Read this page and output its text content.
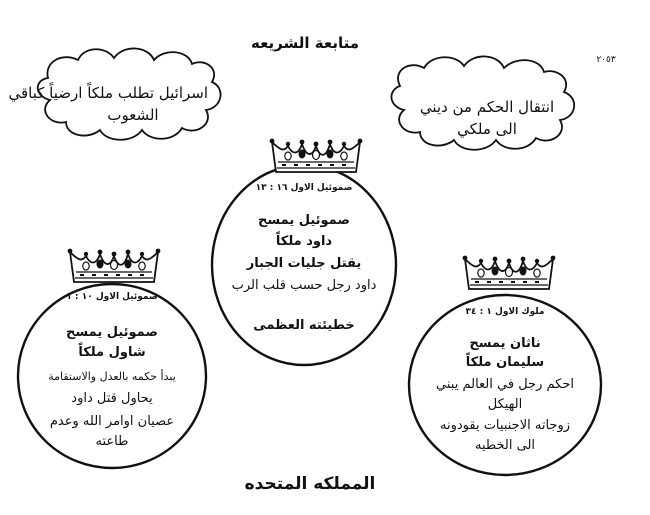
متابعة الشريعه
٢٠٥٣
اسرائيل تطلب ملكاً ارضياً كباقي
الشعوب	انتقال الحكم من ديني
الى ملكي
صموئيل الاول ١٦ : ١٣
صموئيل يمسح
داود ملكاً
يقتل جليات الجبار
داود رجل حسب قلب الرب
خطيئته العظمى
صموئيل الاول ١٠ : ١
صموئيل يمسح
شاول ملكاً
يبدأ حكمه بالعدل والاستقامة
يحاول قتل داود
عصيان اوامر الله وعدم
طاعته
ملوك الاول ١ : ٣٤
ناثان يمسح
سليمان ملكاً
احكم رجل في العالم يبني
الهيكل
زوجاته الاجنبيات يقودونه
الى الخطيه
المملكه المتحده
